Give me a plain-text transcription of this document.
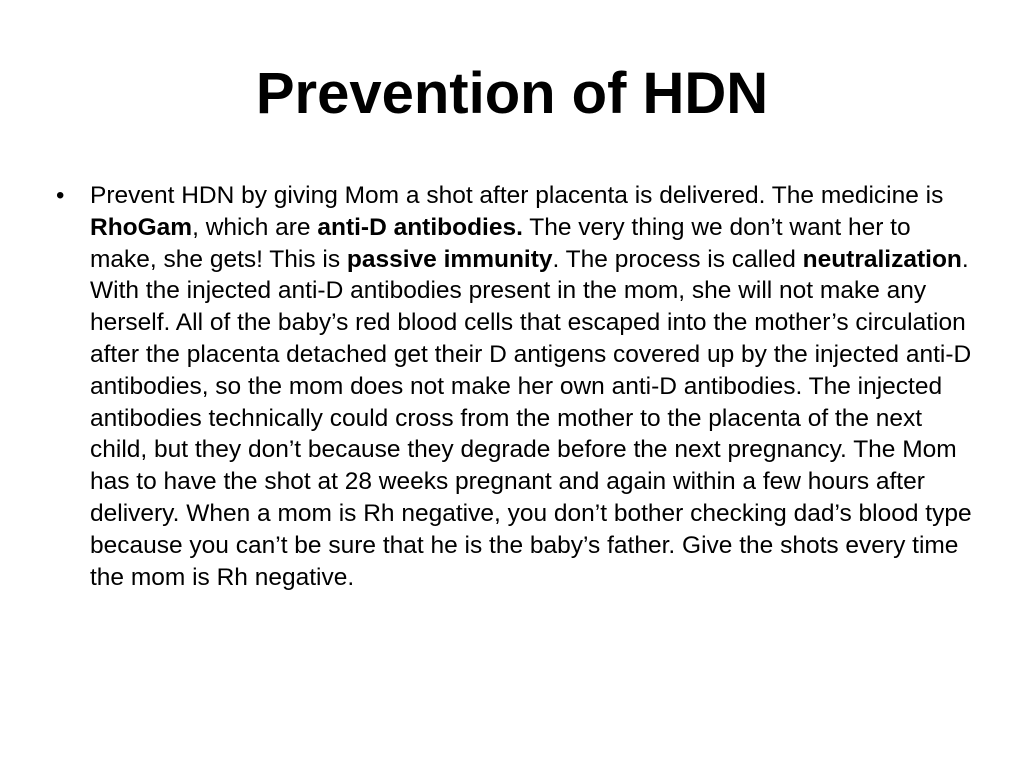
Prevention of HDN
• Prevent HDN by giving Mom a shot after placenta is delivered. The medicine is RhoGam, which are anti-D antibodies. The very thing we don’t want her to make, she gets! This is passive immunity. The process is called neutralization. With the injected anti-D antibodies present in the mom, she will not make any herself. All of the baby’s red blood cells that escaped into the mother’s circulation after the placenta detached get their D antigens covered up by the injected anti-D antibodies, so the mom does not make her own anti-D antibodies. The injected antibodies technically could cross from the mother to the placenta of the next child, but they don’t because they degrade before the next pregnancy. The Mom has to have the shot at 28 weeks pregnant and again within a few hours after delivery. When a mom is Rh negative, you don’t bother checking dad’s blood type because you can’t be sure that he is the baby’s father. Give the shots every time the mom is Rh negative.
